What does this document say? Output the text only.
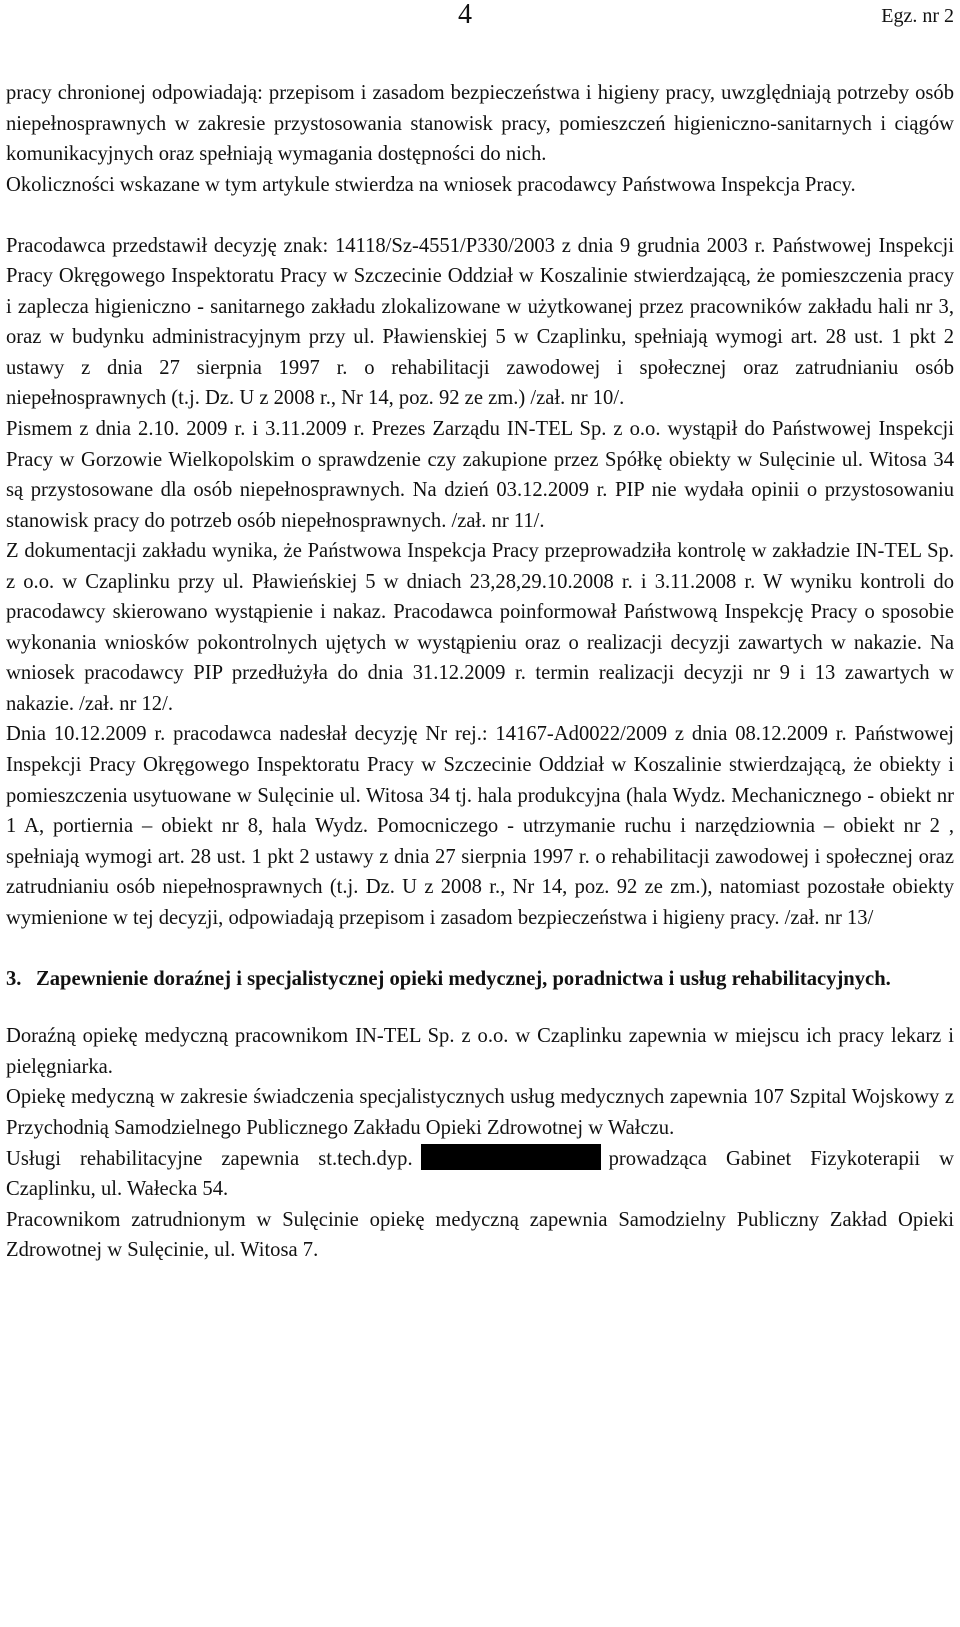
4	Egz. nr 2

pracy chronionej odpowiadają: przepisom i zasadom bezpieczeństwa i higieny pracy, uwzględniają potrzeby osób niepełnosprawnych w zakresie przystosowania stanowisk pracy, pomieszczeń higieniczno-sanitarnych i ciągów komunikacyjnych oraz spełniają wymagania dostępności do nich.

Okoliczności wskazane w tym artykule stwierdza na wniosek pracodawcy Państwowa Inspekcja Pracy.

Pracodawca przedstawił decyzję znak: 14118/Sz-4551/P330/2003 z dnia 9 grudnia 2003 r. Państwowej Inspekcji Pracy Okręgowego Inspektoratu Pracy w Szczecinie Oddział w Koszalinie stwierdzającą, że pomieszczenia pracy i zaplecza higieniczno - sanitarnego zakładu zlokalizowane w użytkowanej przez pracowników zakładu hali nr 3, oraz w budynku administracyjnym przy ul. Pławienskiej 5 w Czaplinku, spełniają wymogi art. 28 ust. 1 pkt 2 ustawy z dnia 27 sierpnia 1997 r. o rehabilitacji zawodowej i społecznej oraz zatrudnianiu osób niepełnosprawnych (t.j. Dz. U z 2008 r., Nr 14, poz. 92 ze zm.) /zał. nr 10/.

Pismem z dnia 2.10. 2009 r. i 3.11.2009 r. Prezes Zarządu IN-TEL Sp. z o.o. wystąpił do Państwowej Inspekcji Pracy w Gorzowie Wielkopolskim o sprawdzenie czy zakupione przez Spółkę obiekty w Sulęcinie ul. Witosa 34 są przystosowane dla osób niepełnosprawnych. Na dzień 03.12.2009 r. PIP nie wydała opinii o przystosowaniu stanowisk pracy do potrzeb osób niepełnosprawnych. /zał. nr 11/.

Z dokumentacji zakładu wynika, że Państwowa Inspekcja Pracy przeprowadziła kontrolę w zakładzie IN-TEL Sp. z o.o. w Czaplinku przy ul. Pławieńskiej 5 w dniach 23,28,29.10.2008 r. i 3.11.2008 r. W wyniku kontroli do pracodawcy skierowano wystąpienie i nakaz. Pracodawca poinformował Państwową Inspekcję Pracy o sposobie wykonania wniosków pokontrolnych ujętych w wystąpieniu oraz o realizacji decyzji zawartych w nakazie. Na wniosek pracodawcy PIP przedłużyła do dnia 31.12.2009 r. termin realizacji decyzji nr 9 i 13 zawartych w nakazie. /zał. nr 12/.

Dnia 10.12.2009 r. pracodawca nadesłał decyzję Nr rej.: 14167-Ad0022/2009 z dnia 08.12.2009 r. Państwowej Inspekcji Pracy Okręgowego Inspektoratu Pracy w Szczecinie Oddział w Koszalinie stwierdzającą, że obiekty i pomieszczenia usytuowane w Sulęcinie ul. Witosa 34 tj. hala produkcyjna (hala Wydz. Mechanicznego - obiekt nr 1 A, portiernia – obiekt nr 8, hala Wydz. Pomocniczego - utrzymanie ruchu i narzędziownia – obiekt nr 2 , spełniają wymogi art. 28 ust. 1 pkt 2 ustawy z dnia 27 sierpnia 1997 r. o rehabilitacji zawodowej i społecznej oraz zatrudnianiu osób niepełnosprawnych (t.j. Dz. U z 2008 r., Nr 14, poz. 92 ze zm.), natomiast pozostałe obiekty wymienione w tej decyzji, odpowiadają przepisom i zasadom bezpieczeństwa i higieny pracy. /zał. nr 13/

3. Zapewnienie doraźnej i specjalistycznej opieki medycznej, poradnictwa i usług rehabilitacyjnych.

Doraźną opiekę medyczną pracownikom IN-TEL Sp. z o.o. w Czaplinku zapewnia w miejscu ich pracy lekarz i pielęgniarka.

Opiekę medyczną w zakresie świadczenia specjalistycznych usług medycznych zapewnia 107 Szpital Wojskowy z Przychodnią Samodzielnego Publicznego Zakładu Opieki Zdrowotnej w Wałczu.

Usługi rehabilitacyjne zapewnia st.tech.dyp.	prowadząca Gabinet Fizykoterapii w Czaplinku, ul. Wałecka 54.

Pracownikom zatrudnionym w Sulęcinie opiekę medyczną zapewnia Samodzielny Publiczny Zakład Opieki Zdrowotnej w Sulęcinie, ul. Witosa 7.
